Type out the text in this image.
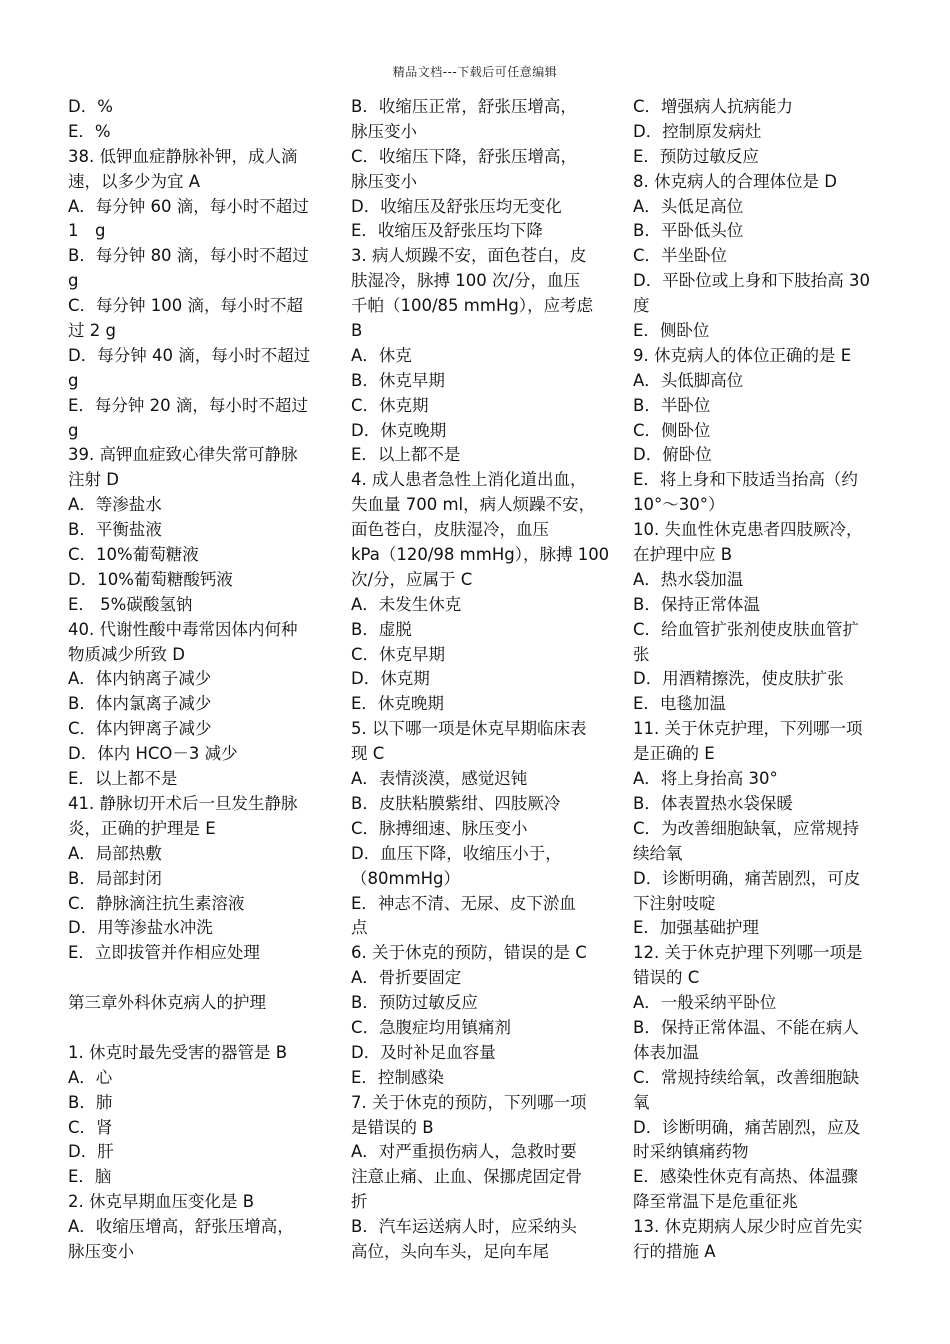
精品文档---下载后可任意编辑
D．%
E．%
38. 低钾血症静脉补钾，成人滴
速，以多少为宜 A
A．每分钟 60 滴，每小时不超过
1　g
B．每分钟 80 滴，每小时不超过
g
C．每分钟 100 滴，每小时不超
过 2 g
D．每分钟 40 滴，每小时不超过
g
E．每分钟 20 滴，每小时不超过
g
39. 高钾血症致心律失常可静脉
注射 D
A．等渗盐水
B．平衡盐液
C．10%葡萄糖液
D．10%葡萄糖酸钙液
E． 5%碳酸氢钠
40. 代谢性酸中毒常因体内何种
物质减少所致 D
A．体内钠离子减少
B．体内氯离子减少
C．体内钾离子减少
D．体内 HCO－3 减少
E．以上都不是
41. 静脉切开术后一旦发生静脉
炎，正确的护理是 E
A．局部热敷
B．局部封闭
C．静脉滴注抗生素溶液
D．用等渗盐水冲洗
E．立即拔管并作相应处理
第三章外科休克病人的护理
1. 休克时最先受害的器管是 B
A．心
B．肺
C．肾
D．肝
E．脑
2. 休克早期血压变化是 B
A．收缩压增高，舒张压增高，
脉压变小
B．收缩压正常，舒张压增高，
脉压变小
C．收缩压下降，舒张压增高，
脉压变小
D．收缩压及舒张压均无变化
E．收缩压及舒张压均下降
3. 病人烦躁不安，面色苍白，皮
肤湿冷，脉搏 100 次/分，血压
千帕（100/85 mmHg），应考虑
B
A．休克
B．休克早期
C．休克期
D．休克晚期
E．以上都不是
4. 成人患者急性上消化道出血，
失血量 700 ml，病人烦躁不安，
面色苍白，皮肤湿冷，血压
kPa（120/98 mmHg），脉搏 100
次/分，应属于 C
A．未发生休克
B．虚脱
C．休克早期
D．休克期
E．休克晚期
5. 以下哪一项是休克早期临床表
现 C
A．表情淡漠，感觉迟钝
B．皮肤粘膜紫绀、四肢厥冷
C．脉搏细速、脉压变小
D．血压下降，收缩压小于，
（80mmHg）
E．神志不清、无尿、皮下淤血
点
6. 关于休克的预防，错误的是 C
A．骨折要固定
B．预防过敏反应
C．急腹症均用镇痛剂
D．及时补足血容量
E．控制感染
7. 关于休克的预防，下列哪一项
是错误的 B
A．对严重损伤病人，急救时要
注意止痛、止血、保挪虎固定骨
折
B．汽车运送病人时，应采纳头
高位，头向车头，足向车尾
C．增强病人抗病能力
D．控制原发病灶
E．预防过敏反应
8. 休克病人的合理体位是 D
A．头低足高位
B．平卧低头位
C．半坐卧位
D．平卧位或上身和下肢抬高 30
度
E．侧卧位
9. 休克病人的体位正确的是 E
A．头低脚高位
B．半卧位
C．侧卧位
D．俯卧位
E．将上身和下肢适当抬高（约
10°～30°）
10. 失血性休克患者四肢厥冷，
在护理中应 B
A．热水袋加温
B．保持正常体温
C．给血管扩张剂使皮肤血管扩
张
D．用酒精擦洗，使皮肤扩张
E．电毯加温
11. 关于休克护理，下列哪一项
是正确的 E
A．将上身抬高 30°
B．体表置热水袋保暖
C．为改善细胞缺氧，应常规持
续给氧
D．诊断明确，痛苦剧烈，可皮
下注射吱啶
E．加强基础护理
12. 关于休克护理下列哪一项是
错误的 C
A．一般采纳平卧位
B．保持正常体温、不能在病人
体表加温
C．常规持续给氧，改善细胞缺
氧
D．诊断明确，痛苦剧烈，应及
时采纳镇痛药物
E．感染性休克有高热、体温骤
降至常温下是危重征兆
13. 休克期病人尿少时应首先实
行的措施 A
